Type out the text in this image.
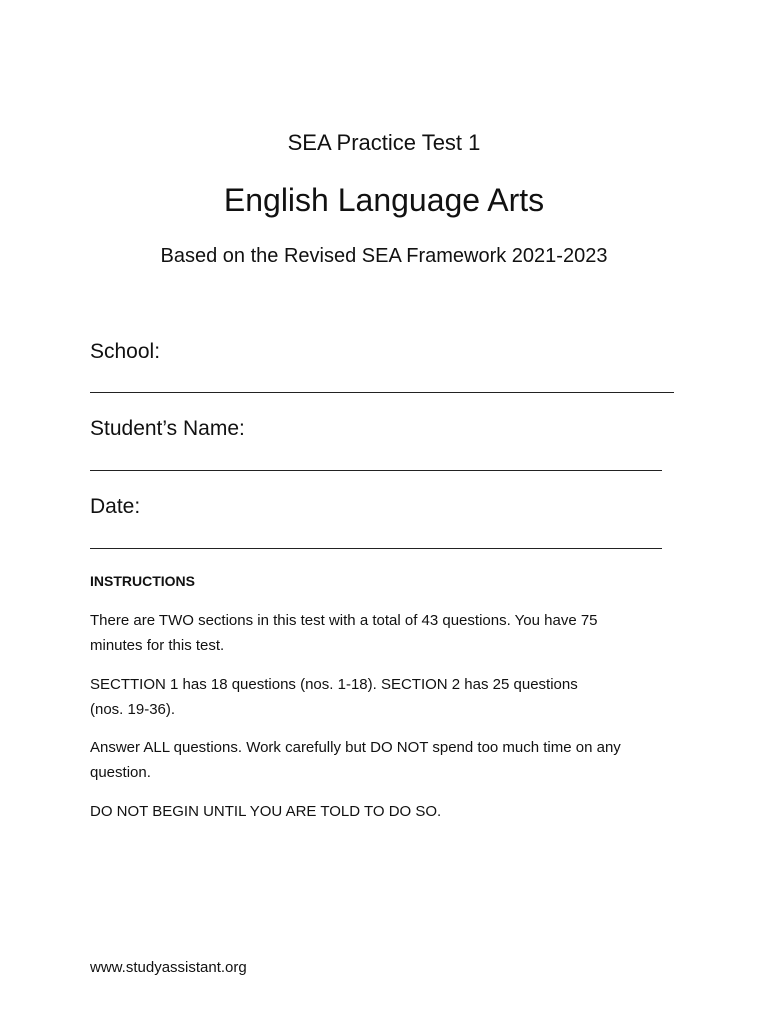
SEA Practice Test 1
English Language Arts
Based on the Revised SEA Framework 2021-2023
School:
Student’s Name:
Date:
INSTRUCTIONS
There are TWO sections in this test with a total of 43 questions. You have 75
minutes for this test.
SECTTION 1 has 18 questions (nos. 1-18). SECTION 2 has 25 questions
(nos. 19-36).
Answer ALL questions. Work carefully but DO NOT spend too much time on any
question.
DO NOT BEGIN UNTIL YOU ARE TOLD TO DO SO.
www.studyassistant.org
